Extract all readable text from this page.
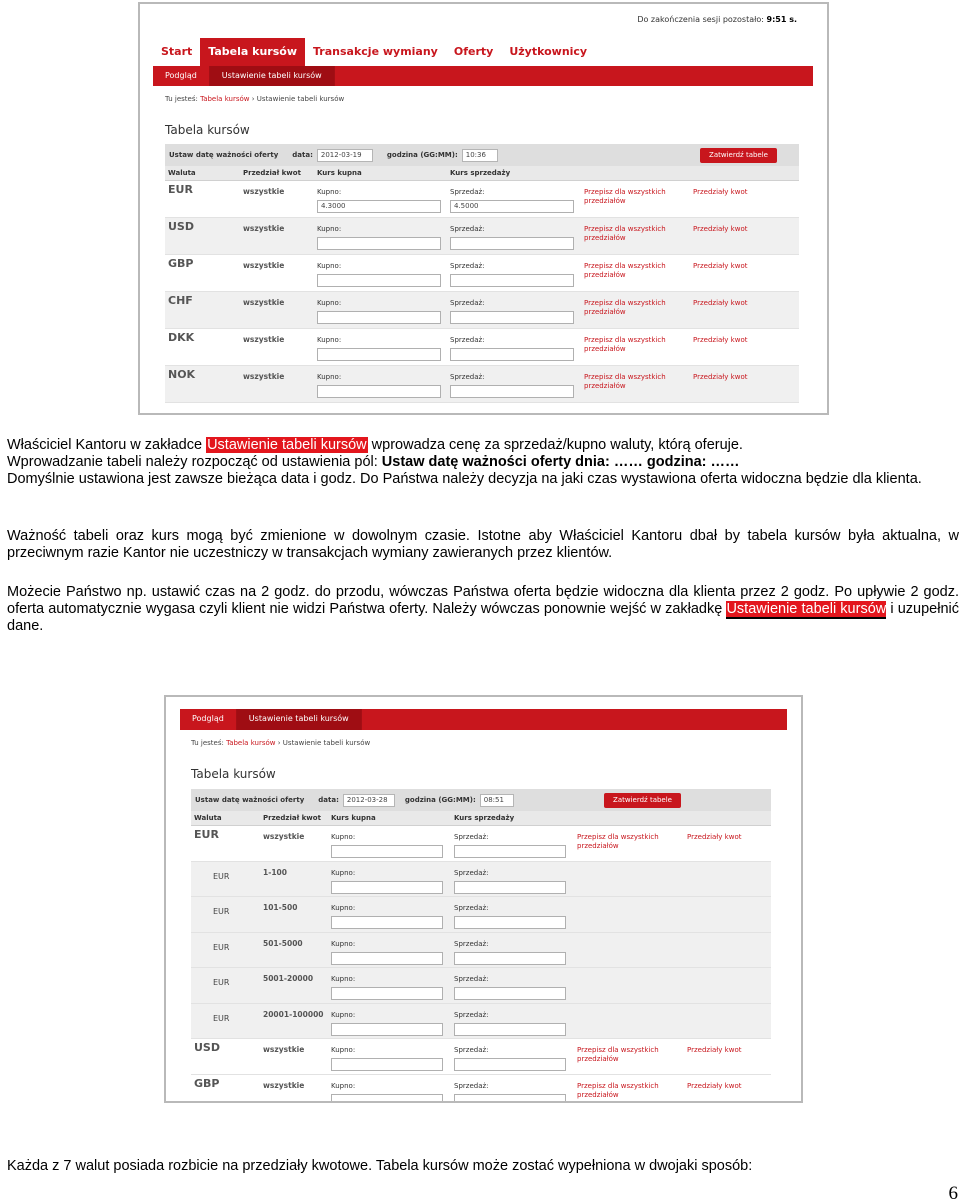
Do zakończenia sesji pozostało: 9:51 s.
Start	Tabela kursów	Transakcje wymiany	Oferty	Użytkownicy
Podgląd	Ustawienie tabeli kursów
Tu jesteś: Tabela kursów › Ustawienie tabeli kursów
Tabela kursów
Ustaw datę ważności oferty data:	2012-03-19	godzina (GG:MM):	10:36	Zatwierdź tabele
Waluta	Przedział kwot Kurs kupna	Kurs sprzedaży
EUR	wszystkie	Kupno:
4.3000
Sprzedaż:
4.5000
Przepisz dla wszystkich
przedziałów
Przedziały kwot
USD	wszystkie	Kupno:	Sprzedaż:	Przepisz dla wszystkich
przedziałów
Przedziały kwot
GBP	wszystkie	Kupno:	Sprzedaż:	Przepisz dla wszystkich
przedziałów
Przedziały kwot
CHF	wszystkie	Kupno:	Sprzedaż:	Przepisz dla wszystkich
przedziałów
Przedziały kwot
DKK	wszystkie	Kupno:	Sprzedaż:	Przepisz dla wszystkich
przedziałów
Przedziały kwot
NOK	wszystkie	Kupno:	Sprzedaż:	Przepisz dla wszystkich
przedziałów
Przedziały kwot
Podgląd	Ustawienie tabeli kursów
Tu jesteś: Tabela kursów › Ustawienie tabeli kursów
Tabela kursów
Ustaw datę ważności oferty data:	2012-03-28	godzina (GG:MM):	08:51	Zatwierdź tabele
Waluta	Przedział kwot Kurs kupna	Kurs sprzedaży
EUR	wszystkie	Kupno:	Sprzedaż:	Przepisz dla wszystkich
przedziałów
Przedziały kwot
EUR	1-100	Kupno:	Sprzedaż:
EUR	101-500	Kupno:	Sprzedaż:
EUR	501-5000	Kupno:	Sprzedaż:
EUR	5001-20000	Kupno:	Sprzedaż:
EUR	20001-100000 Kupno:	Sprzedaż:
USD	wszystkie	Kupno:	Sprzedaż:	Przepisz dla wszystkich
przedziałów
Przedziały kwot
GBP	wszystkie	Kupno:	Sprzedaż:	Przepisz dla wszystkich
przedziałów
Przedziały kwot

Właściciel Kantoru w zakładce Ustawienie tabeli kursów wprowadza cenę za sprzedaż/kupno waluty, którą oferuje.
Wprowadzanie tabeli należy rozpocząć od ustawienia pól: Ustaw datę ważności oferty dnia: …… godzina: ……
Domyślnie ustawiona jest zawsze bieżąca data i godz. Do Państwa należy decyzja na jaki czas wystawiona oferta widoczna będzie dla klienta.

Ważność tabeli oraz kurs mogą być zmienione w dowolnym czasie. Istotne aby Właściciel Kantoru dbał by tabela kursów była aktualna, w przeciwnym razie Kantor nie uczestniczy w transakcjach wymiany zawieranych przez klientów.

Możecie Państwo np. ustawić czas na 2 godz. do przodu, wówczas Państwa oferta będzie widoczna dla klienta przez 2 godz. Po upływie 2 godz. oferta automatycznie wygasa czyli klient nie widzi Państwa oferty. Należy wówczas ponownie wejść w zakładkę Ustawienie tabeli kursów i uzupełnić dane.

Każda z 7 walut posiada rozbicie na przedziały kwotowe. Tabela kursów może zostać wypełniona w dwojaki sposób:
6
